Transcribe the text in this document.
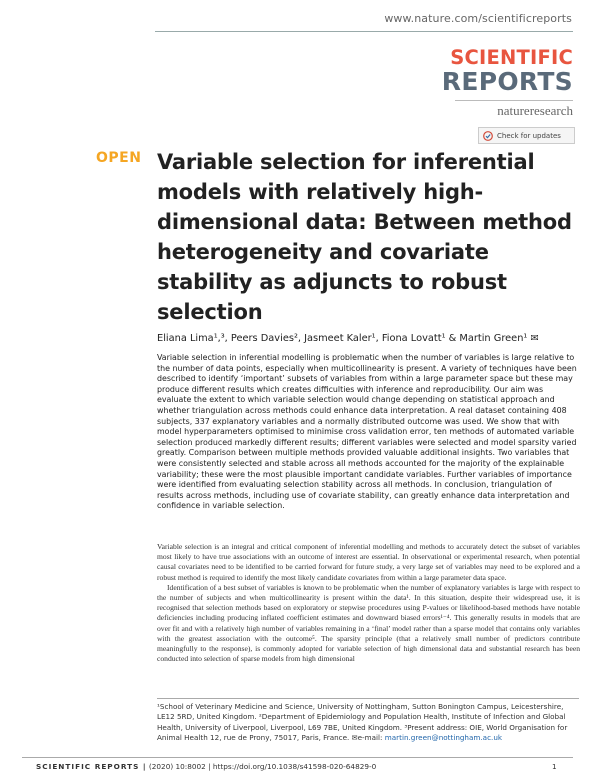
www.nature.com/scientificreports
SCIENTIFIC
REPORTS
natureresearch
Check for updates
OPEN Variable selection for inferential models with relatively high-dimensional data: Between method heterogeneity and covariate stability as adjuncts to robust selection
Eliana Lima¹,³, Peers Davies², Jasmeet Kaler¹, Fiona Lovatt¹ & Martin Green¹ ✉
Variable selection in inferential modelling is problematic when the number of variables is large relative to the number of data points, especially when multicollinearity is present. A variety of techniques have been described to identify ‘important’ subsets of variables from within a large parameter space but these may produce different results which creates difficulties with inference and reproducibility. Our aim was evaluate the extent to which variable selection would change depending on statistical approach and whether triangulation across methods could enhance data interpretation. A real dataset containing 408 subjects, 337 explanatory variables and a normally distributed outcome was used. We show that with model hyperparameters optimised to minimise cross validation error, ten methods of automated variable selection produced markedly different results; different variables were selected and model sparsity varied greatly. Comparison between multiple methods provided valuable additional insights. Two variables that were consistently selected and stable across all methods accounted for the majority of the explainable variability; these were the most plausible important candidate variables. Further variables of importance were identified from evaluating selection stability across all methods. In conclusion, triangulation of results across methods, including use of covariate stability, can greatly enhance data interpretation and confidence in variable selection.

Variable selection is an integral and critical component of inferential modelling and methods to accurately detect the subset of variables most likely to have true associations with an outcome of interest are essential. In observational or experimental research, when potential causal covariates need to be identified to be carried forward for future study, a very large set of variables may need to be explored and a robust method is required to identify the most likely candidate covariates from within a large parameter data space.

Identification of a best subset of variables is known to be problematic when the number of explanatory variables is large with respect to the number of subjects and when multicollinearity is present within the data¹. In this situation, despite their widespread use, it is recognised that selection methods based on exploratory or stepwise procedures using P-values or likelihood-based methods have notable deficiencies including producing inflated coefficient estimates and downward biased errors¹⁻⁴. This generally results in models that are over fit and with a relatively high number of variables remaining in a ‘final’ model rather than a sparse model that contains only variables with the greatest association with the outcome⁵. The sparsity principle (that a relatively small number of predictors contribute meaningfully to the response), is commonly adopted for variable selection of high dimensional data and substantial research has been conducted into selection of sparse models from high dimensional

¹School of Veterinary Medicine and Science, University of Nottingham, Sutton Bonington Campus, Leicestershire, LE12 5RD, United Kingdom. ²Department of Epidemiology and Population Health, Institute of Infection and Global Health, University of Liverpool, Liverpool, L69 7BE, United Kingdom. ³Present address: OIE, World Organisation for Animal Health 12, rue de Prony, 75017, Paris, France. ✉e-mail: martin.green@nottingham.ac.uk
SCIENTIFIC REPORTS | (2020) 10:8002 | https://doi.org/10.1038/s41598-020-64829-0	1
